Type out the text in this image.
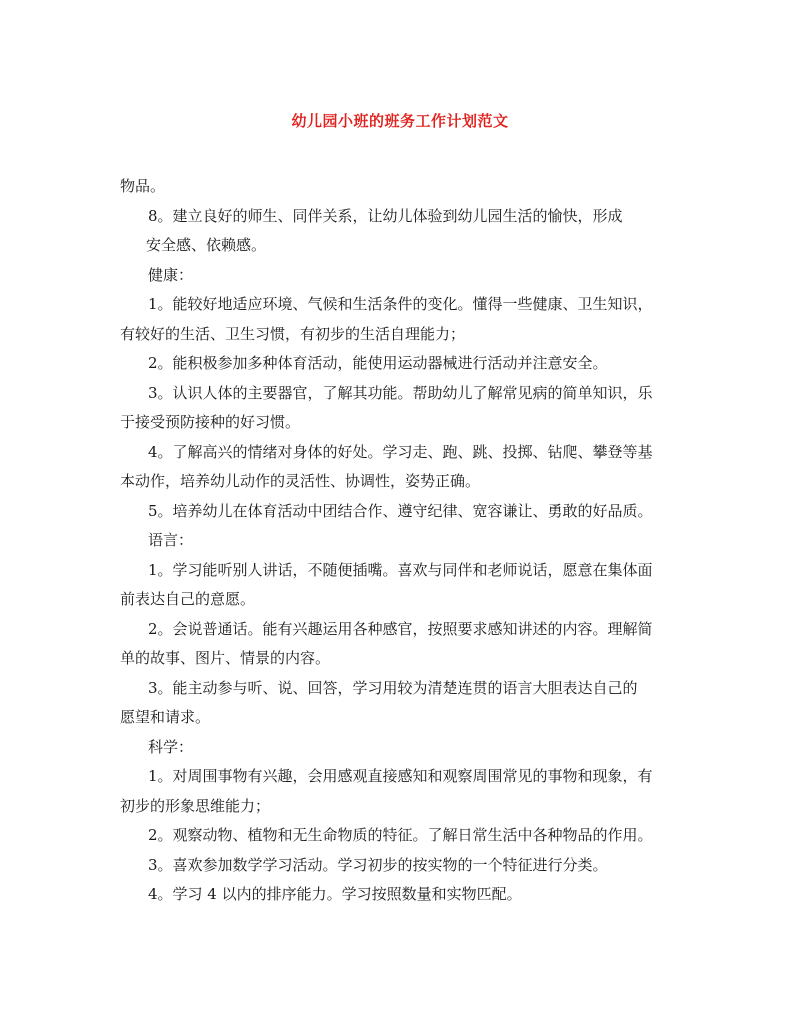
幼儿园小班的班务工作计划范文

物品。

8。建立良好的师生、同伴关系，让幼儿体验到幼儿园生活的愉快，形成

安全感、依赖感。

健康：

1。能较好地适应环境、气候和生活条件的变化。懂得一些健康、卫生知识，

有较好的生活、卫生习惯，有初步的生活自理能力；

2。能积极参加多种体育活动，能使用运动器械进行活动并注意安全。

3。认识人体的主要器官，了解其功能。帮助幼儿了解常见病的简单知识，乐

于接受预防接种的好习惯。

4。了解高兴的情绪对身体的好处。学习走、跑、跳、投掷、钻爬、攀登等基

本动作，培养幼儿动作的灵活性、协调性，姿势正确。

5。培养幼儿在体育活动中团结合作、遵守纪律、宽容谦让、勇敢的好品质。

语言：

1。学习能听别人讲话，不随便插嘴。喜欢与同伴和老师说话，愿意在集体面

前表达自己的意愿。

2。会说普通话。能有兴趣运用各种感官，按照要求感知讲述的内容。理解简

单的故事、图片、情景的内容。

3。能主动参与听、说、回答，学习用较为清楚连贯的语言大胆表达自己的

愿望和请求。

科学：

1。对周围事物有兴趣，会用感观直接感知和观察周围常见的事物和现象，有

初步的形象思维能力；

2。观察动物、植物和无生命物质的特征。了解日常生活中各种物品的作用。

3。喜欢参加数学学习活动。学习初步的按实物的一个特征进行分类。

4。学习 4 以内的排序能力。学习按照数量和实物匹配。
